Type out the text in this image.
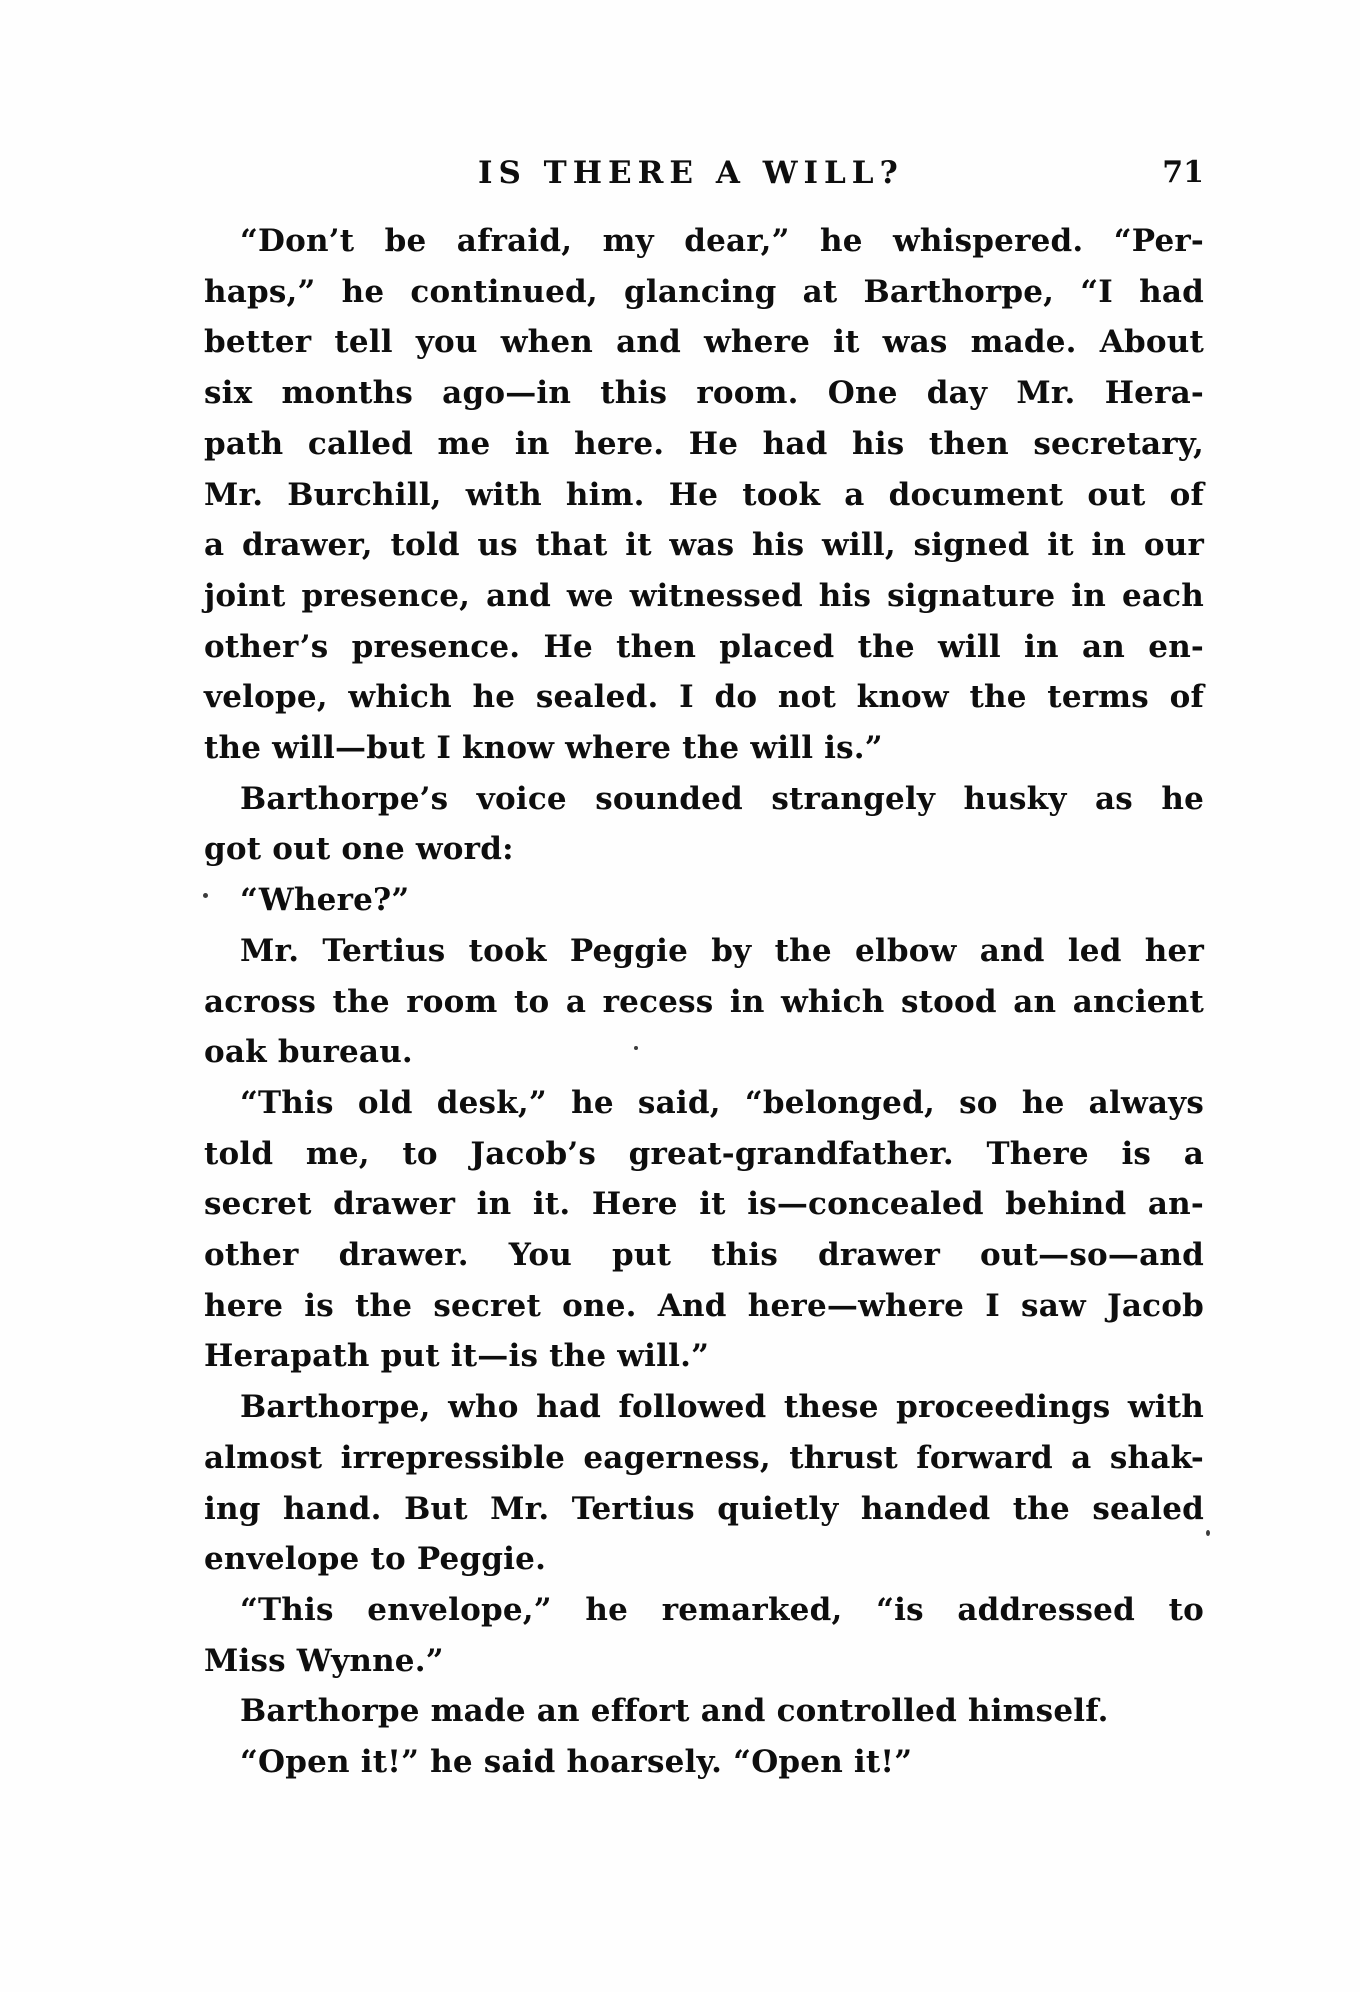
IS THERE A WILL?	71
“Don’t be afraid, my dear,” he whispered. “Per-
haps,” he continued, glancing at Barthorpe, “I had
better tell you when and where it was made. About
six months ago—in this room. One day Mr. Hera-
path called me in here. He had his then secretary,
Mr. Burchill, with him. He took a document out of
a drawer, told us that it was his will, signed it in our
joint presence, and we witnessed his signature in each
other’s presence. He then placed the will in an en-
velope, which he sealed. I do not know the terms of
the will—but I know where the will is.”
Barthorpe’s voice sounded strangely husky as he
got out one word:
“Where?”
Mr. Tertius took Peggie by the elbow and led her
across the room to a recess in which stood an ancient
oak bureau.
“This old desk,” he said, “belonged, so he always
told me, to Jacob’s great-grandfather. There is a
secret drawer in it. Here it is—concealed behind an-
other drawer. You put this drawer out—so—and
here is the secret one. And here—where I saw Jacob
Herapath put it—is the will.”
Barthorpe, who had followed these proceedings with
almost irrepressible eagerness, thrust forward a shak-
ing hand. But Mr. Tertius quietly handed the sealed
envelope to Peggie.
“This envelope,” he remarked, “is addressed to
Miss Wynne.”
Barthorpe made an effort and controlled himself.
“Open it!” he said hoarsely. “Open it!”
